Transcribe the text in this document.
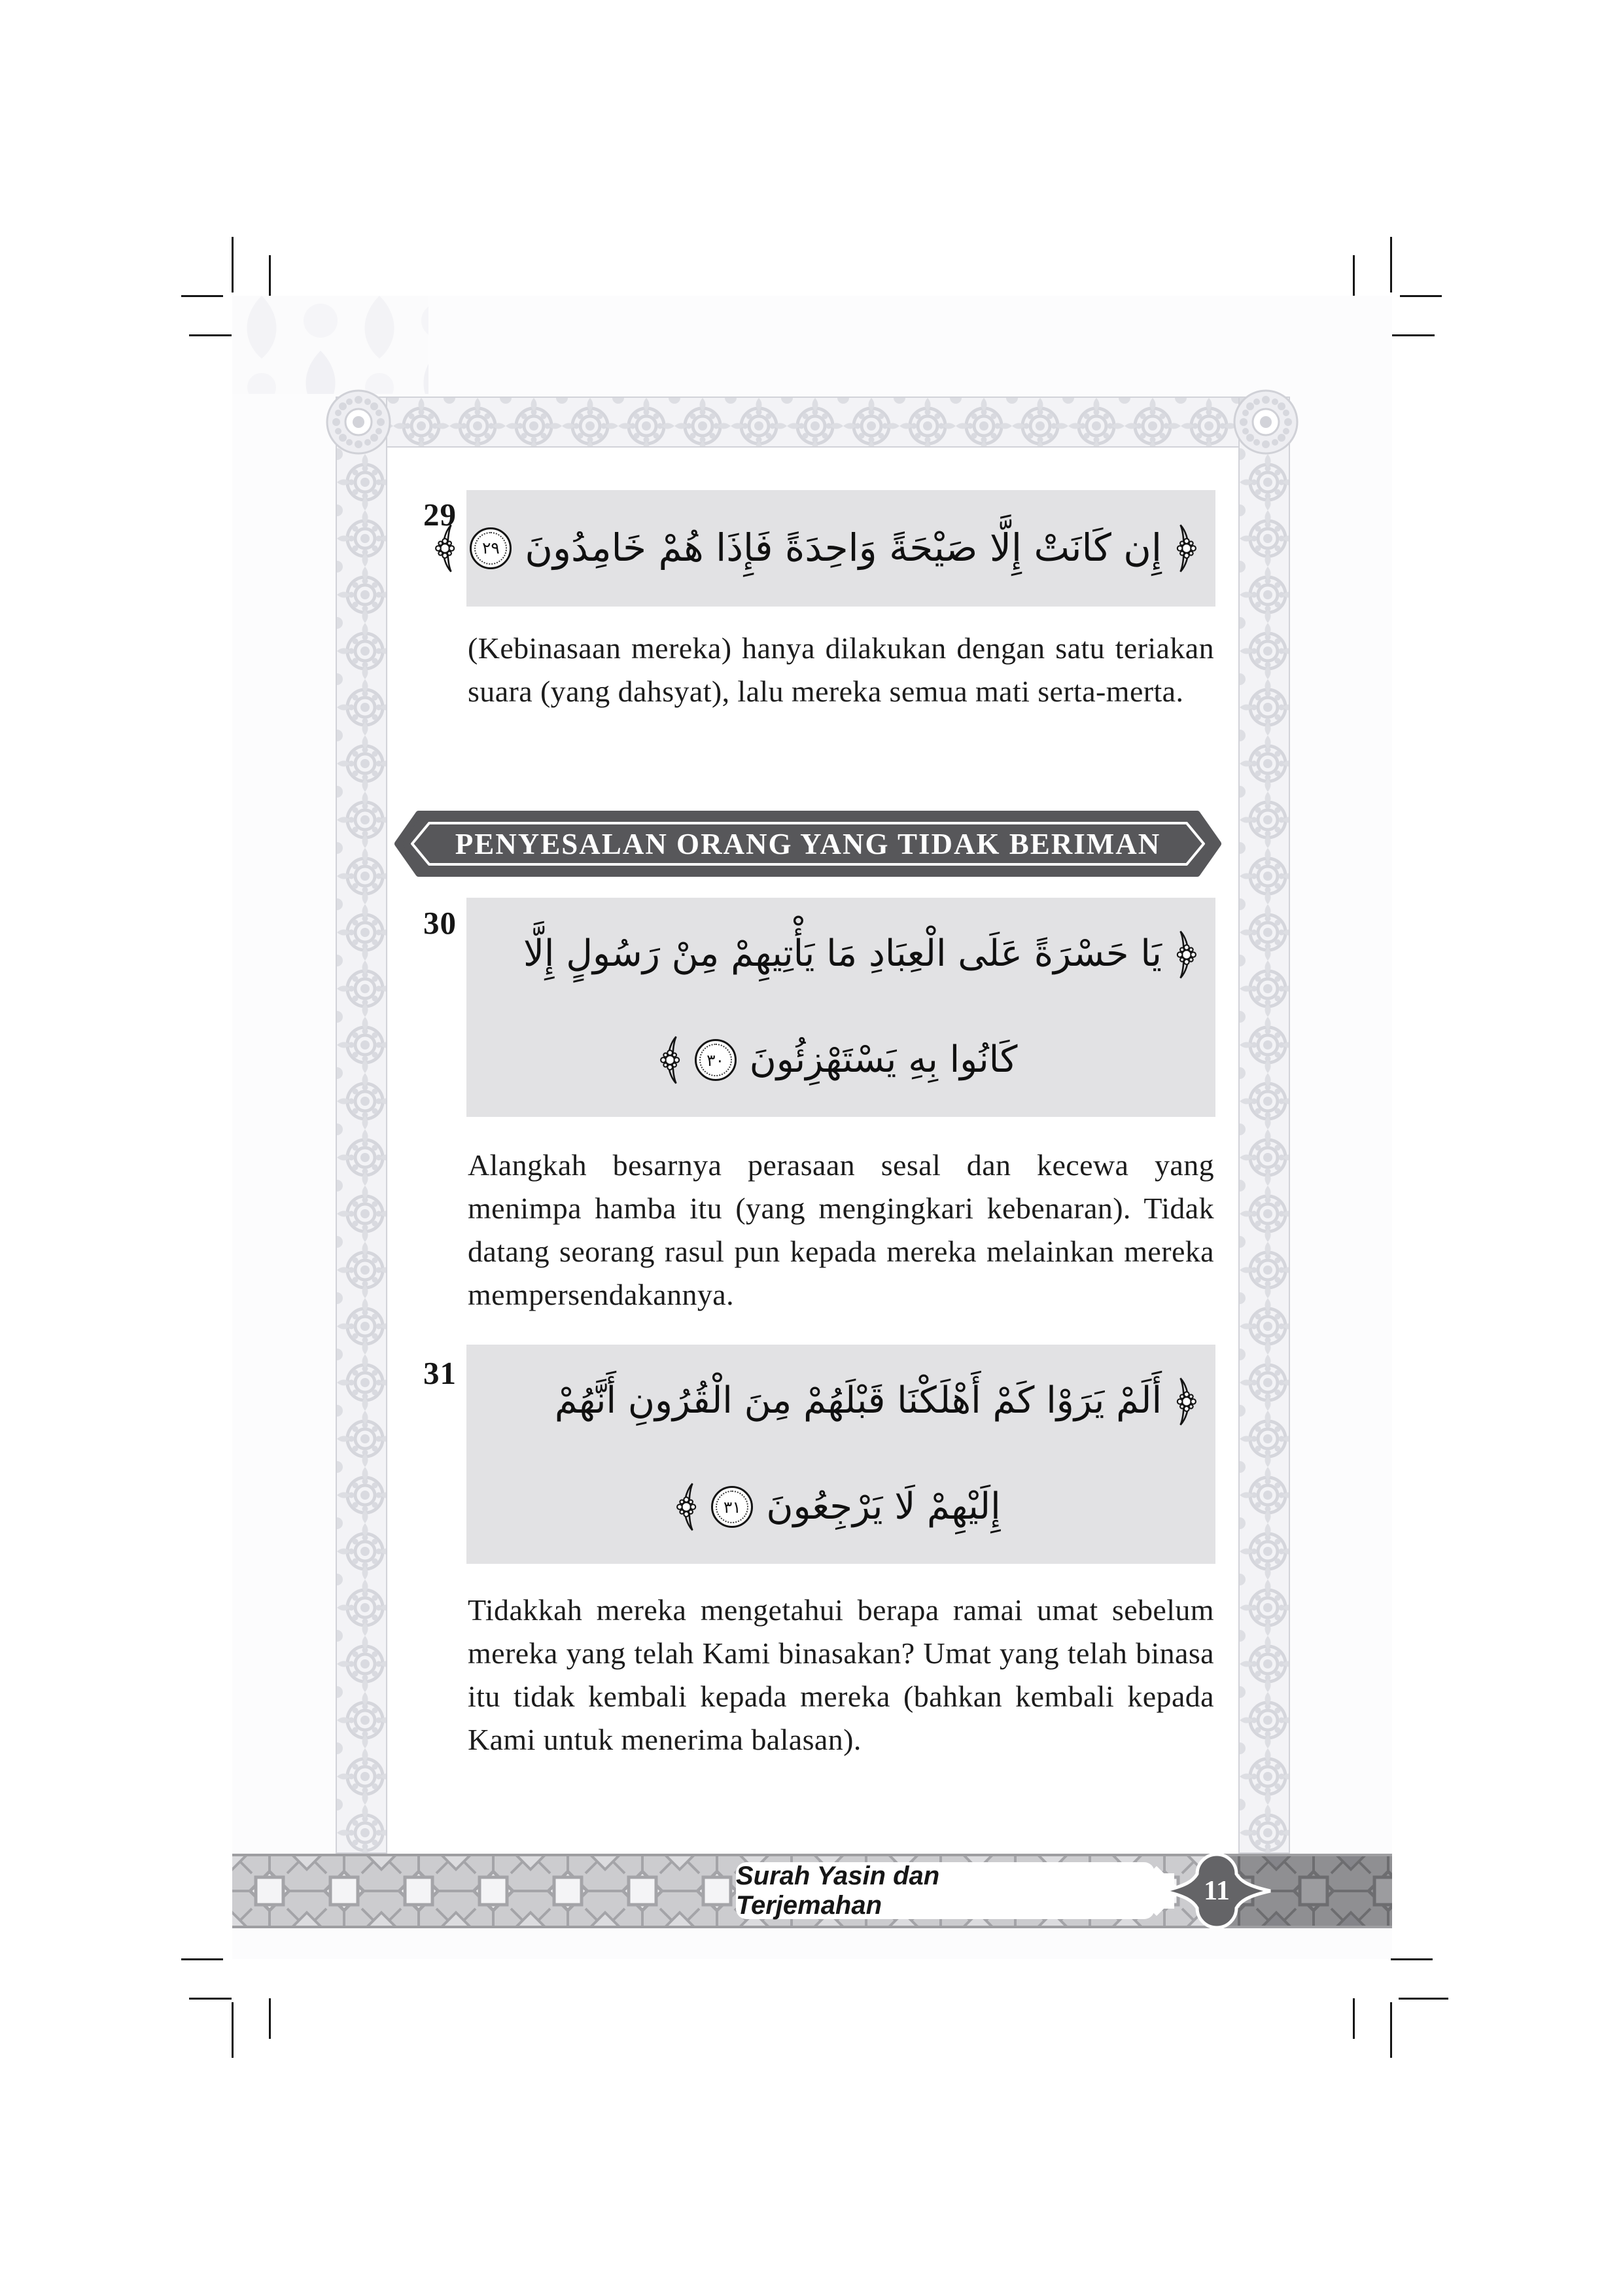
29
إِن كَانَتْ إِلَّا صَيْحَةً وَاحِدَةً فَإِذَا هُمْ خَامِدُونَ
٢٩
(Kebinasaan mereka) hanya dilakukan dengan satu teriakan suara (yang dahsyat), lalu mereka semua mati serta-merta.
PENYESALAN ORANG YANG TIDAK BERIMAN
30
يَا حَسْرَةً عَلَى الْعِبَادِ مَا يَأْتِيهِمْ مِنْ رَسُولٍ إِلَّا
كَانُوا بِهِ يَسْتَهْزِئُونَ
٣٠
Alangkah besarnya perasaan sesal dan kecewa yang menimpa hamba itu (yang mengingkari kebenaran). Tidak datang seorang rasul pun kepada mereka melainkan mereka mempersendakannya.
31
أَلَمْ يَرَوْا كَمْ أَهْلَكْنَا قَبْلَهُمْ مِنَ الْقُرُونِ أَنَّهُمْ
إِلَيْهِمْ لَا يَرْجِعُونَ
٣١
Tidakkah mereka mengetahui berapa ramai umat sebelum mereka yang telah Kami binasakan? Umat yang telah binasa itu tidak kembali kepada mereka (bahkan kembali kepada Kami untuk menerima balasan).
Surah Yasin dan Terjemahan	11
